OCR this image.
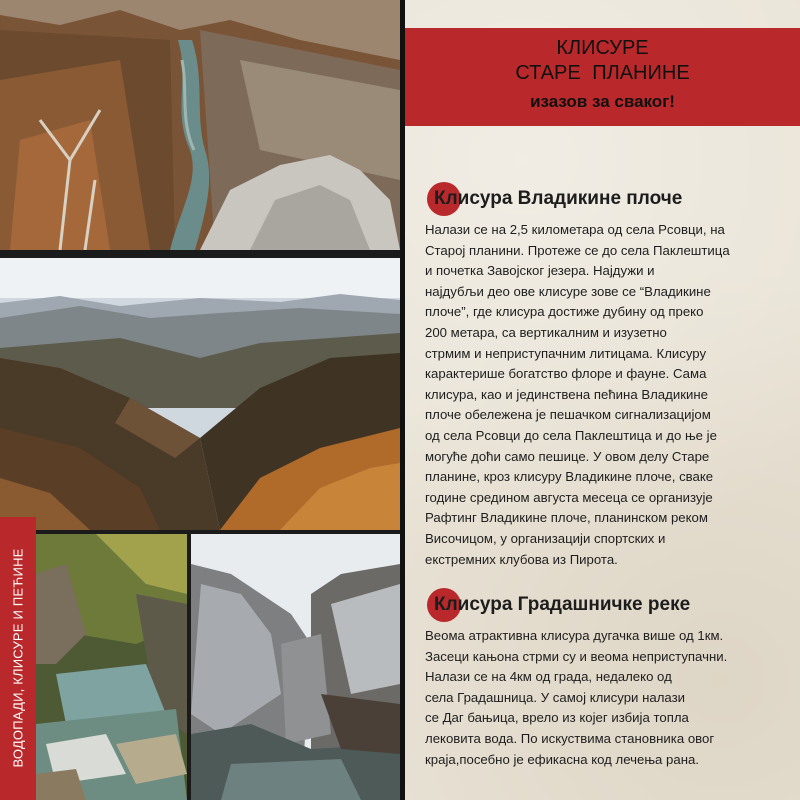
ВОДОПАДИ, КЛИСУРЕ И ПЕЋИНЕ
КЛИСУРЕ
СТАРЕ ПЛАНИНЕ
изазов за сваког!
Клисура Владикине плоче
Налази се на 2,5 километара од села Рсовци, на
Старој планини. Протеже се до села Паклештица
и почетка Завојског језера. Најдужи и
најдубљи део ове клисуре зове се “Владикине
плоче”, где клисура достиже дубину од преко
200 метара, са вертикалним и изузетно
стрмим и неприступачним литицама. Клисуру
карактерише богатство флоре и фауне. Сама
клисура, као и јединствена пећина Владикине
плоче обележена је пешачком сигнализацијом
од села Рсовци до села Паклештица и до ње је
могуће доћи само пешице. У овом делу Старе
планине, кроз клисуру Владикине плоче, сваке
године средином августа месеца се организује
Рафтинг Владикине плоче, планинском реком
Височицом, у организацији спортских и
екстремних клубова из Пирота.
Клисура Градашничке реке
Веома атрактивна клисура дугачка више од 1км.
Засеци кањона стрми су и веома неприступачни.
Налази се на 4км од града, недалеко од
села Градашница. У самој клисури налази
се Даг бањица, врело из којег избија топла
лековита вода. По искуствима становника овог
краја,посебно је ефикасна код лечења рана.
